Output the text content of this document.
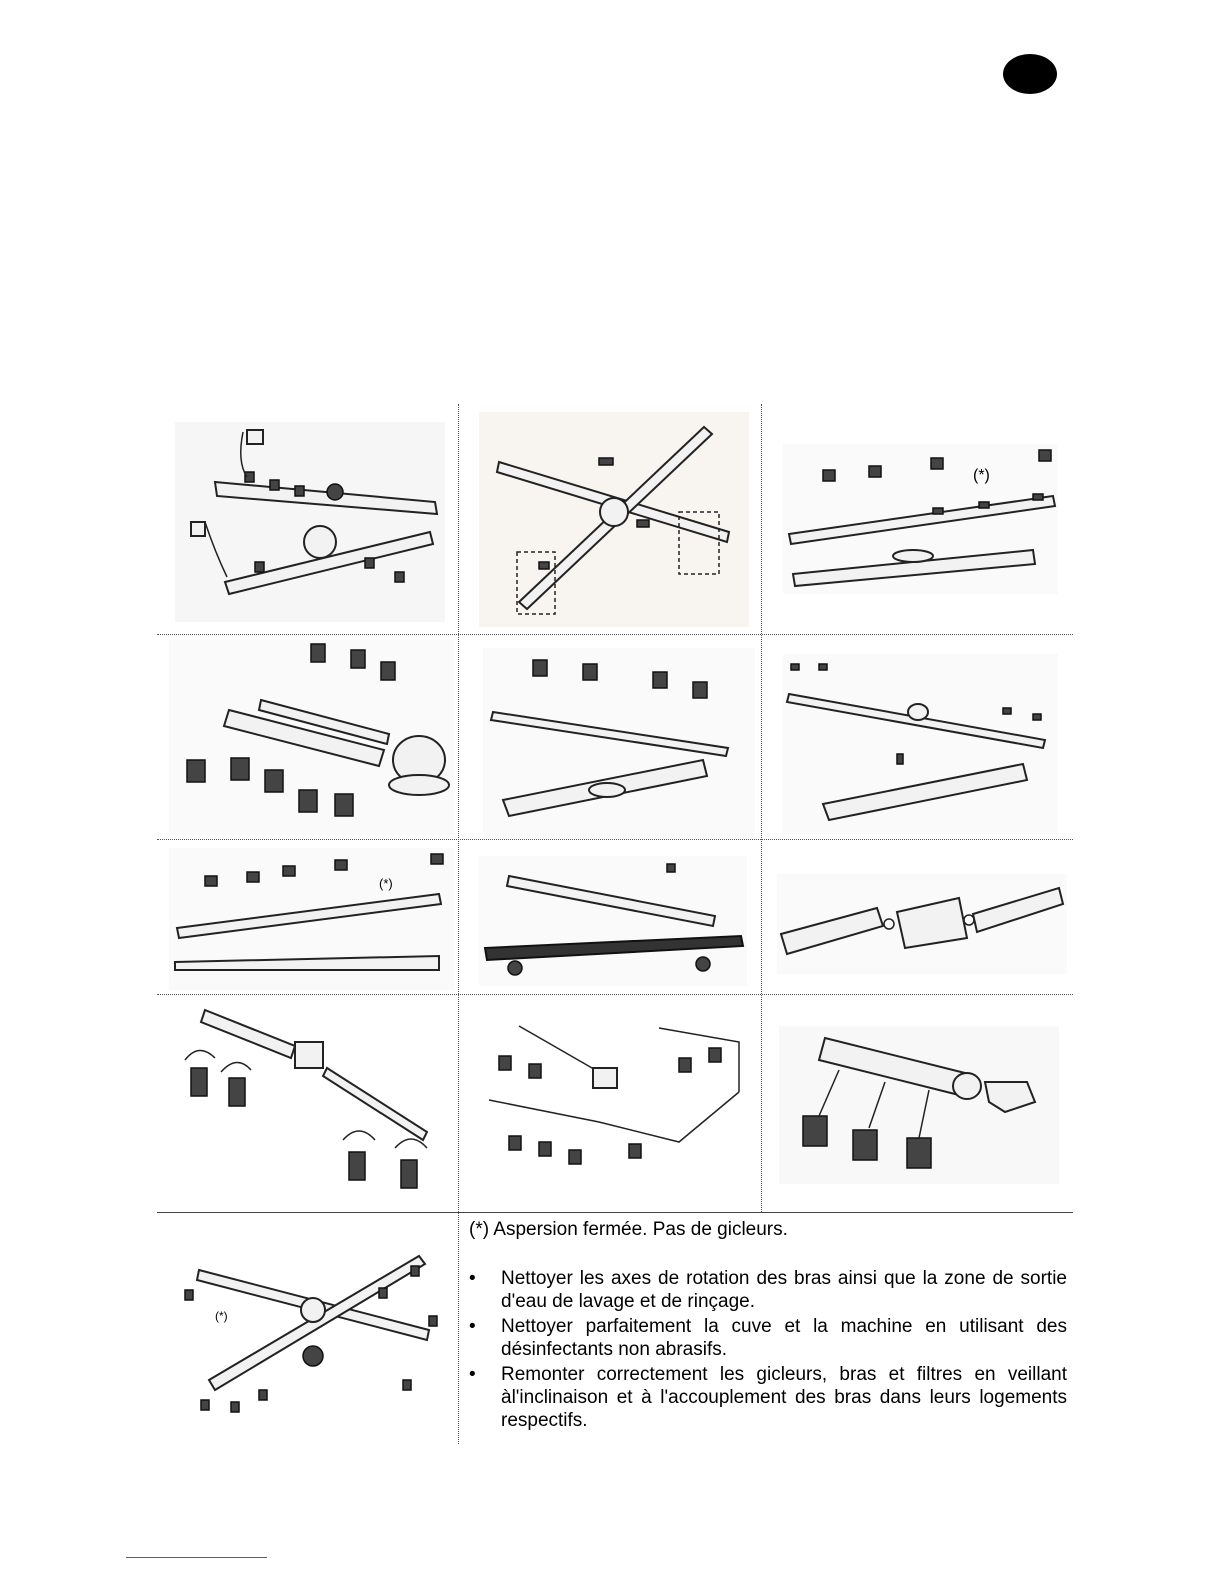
(*)
(*)
(*)
(*) Aspersion fermée. Pas de gicleurs.
• Nettoyer les axes de rotation des bras ainsi que la zone de sortie d'eau de lavage et de rinçage.
• Nettoyer parfaitement la cuve et la machine en utilisant des désinfectants non abrasifs.
• Remonter correctement les gicleurs, bras et filtres en veillant àl'inclinaison et à l'accouplement des bras dans leurs logements respectifs.
